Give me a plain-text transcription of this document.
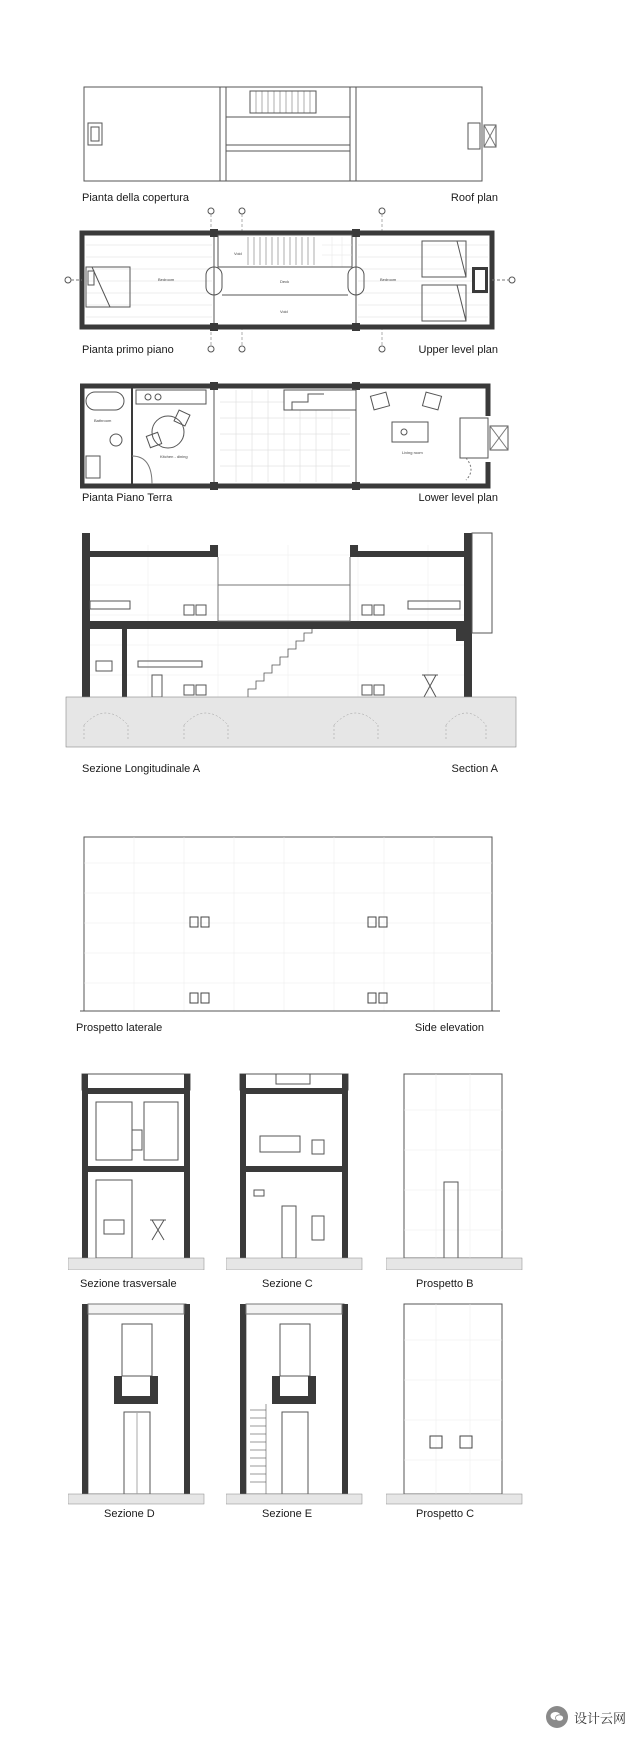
Pianta della copertura	Roof plan
Bedroom
Void
Deck
Void
Bedroom
Pianta primo piano	Upper level plan
Bathroom
Kitchen - dining
Living room
Pianta Piano Terra	Lower level plan
Sezione Longitudinale A	Section A
Prospetto laterale	Side elevation
Sezione trasversale	Sezione C	Prospetto B
Sezione D	Sezione E	Prospetto C
设计云网
